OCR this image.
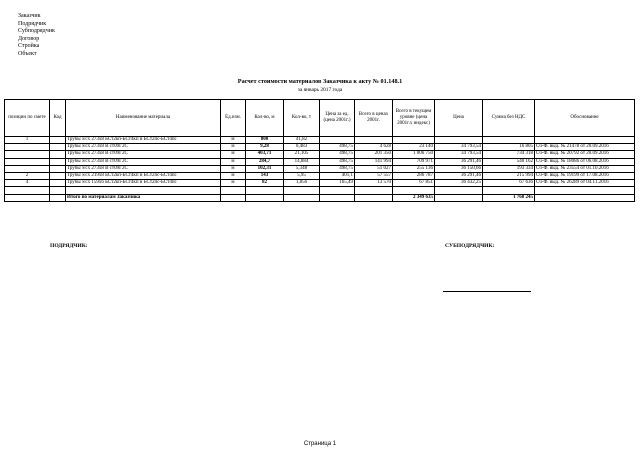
Заказчик
Подрядчик
Субподрядчик
Договор
Стройка
Объект
Расчет стоимости материалов Заказчика к акту № 01.148.1
за январь 2017 года
позиции по смете	Код	Наименование материала	Ед.изм.	Кол-во, м	Кол-во, т	Цена за ед. (цена 2001г.)	Всего в ценах 2001г.	Всего в текущем уровне (цена 2001г.х индекс)	Цена	Сумма без НДС	Обоснование
1		Трубы э/сх 273х8 БСт2кп-БСт4кп и БСт2пс-БСт4пс	м	800	41,82						
		Трубы э/сх 273х8 В ст09Г2С	м	9,28	0,483	498,75	4 628	23 140	34 793,54	16 805	Сч-Ф. выд. № 21478 от 20.09.2016
		Трубы э/сх 273х8 В ст09Г2С	м	403,71	21,105	498,75	201 350	1 006 750	34 793,54	734 318	Сч-Ф. выд. № 20792 от 20.09.2016
		Трубы э/сх 273х8 В ст09Г2С	м	284,7	14,884	498,75	141 994	709 971	36 291,46	540 162	Сч-Ф. выд. № 18086 от 06.08.2016
		Трубы э/сх 273х8 В ст09Г2С	м	102,31	5,348	498,75	51 027	255 136	36 150,66	193 334	Сч-Ф. выд. № 23554 от 01.10.2016
2		Трубы э/сх 219х8 БСт2кп-БСт4кп и БСт2пс-БСт4пс	м	143	5,95	401,1	57 557	286 787	36 291,46	215 994	Сч-Ф. выд. № 19199 от 17.08.2016
4		Трубы э/сх 159х6 БСт2кп-БСт4кп и БСт2пс-БСт4пс	м	82	1,856	165,49	13 570	67 851	36 432,25	67 636	Сч-Ф. выд. № 26289 от 04.11.2016

		Итого по материалам Заказчика						2 349 635		1 768 245	
ПОДРЯДЧИК:	СУБПОДРЯДЧИК:
Страница 1
